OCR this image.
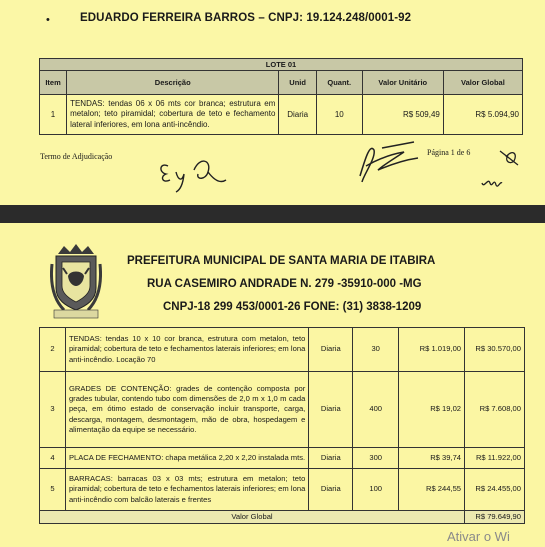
•	EDUARDO FERREIRA BARROS – CNPJ: 19.124.248/0001-92
LOTE 01					
Item	Descrição	Unid	Quant.	Valor Unitário	Valor Global
1	TENDAS: tendas 06 x 06 mts cor branca; estrutura em metalon; teto piramidal; cobertura de teto e fechamento lateral inferiores, em lona anti-incêndio.	Diaria	10	R$ 509,49	R$ 5.094,90
Termo de Adjudicação	Página 1 de 6
PREFEITURA MUNICIPAL DE SANTA MARIA DE ITABIRA
RUA CASEMIRO ANDRADE N. 279 -35910-000 -MG
CNPJ-18 299 453/0001-26 FONE: (31) 3838-1209
2	TENDAS: tendas 10 x 10 cor branca, estrutura com metalon, teto piramidal; cobertura de teto e fechamentos laterais inferiores; em lona anti-incêndio. Locação 70	Diaria	30	R$ 1.019,00	R$ 30.570,00
3	GRADES DE CONTENÇÃO: grades de contenção composta por grades tubular, contendo tubo com dimensões de 2,0 m x 1,0 m cada peça, em ótimo estado de conservação incluir transporte, carga, descarga, montagem, desmontagem, mão de obra, hospedagem e alimentação da equipe se necessário.	Diaria	400	R$ 19,02	R$ 7.608,00
4	PLACA DE FECHAMENTO: chapa metálica 2,20 x 2,20 instalada mts.	Diaria	300	R$ 39,74	R$ 11.922,00
5	BARRACAS: barracas 03 x 03 mts; estrutura em metalon; teto piramidal; cobertura de teto e fechamentos laterais inferiores; em lona anti-incêndio com balcão laterais e frentes	Diaria	100	R$ 244,55	R$ 24.455,00
Valor Global					R$ 79.649,90
Ativar o Wi
